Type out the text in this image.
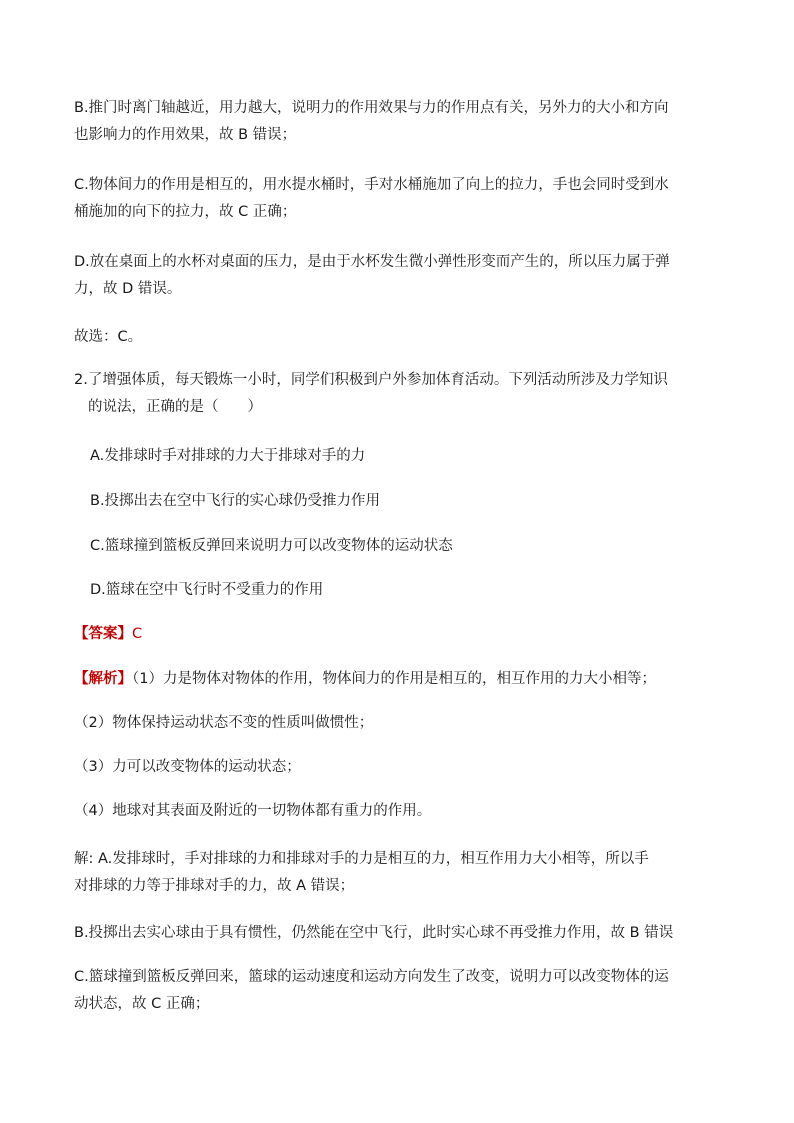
B.推门时离门轴越近，用力越大，说明力的作用效果与力的作用点有关，另外力的大小和方向
也影响力的作用效果，故 B 错误；

C.物体间力的作用是相互的，用水提水桶时，手对水桶施加了向上的拉力，手也会同时受到水
桶施加的向下的拉力，故 C 正确；

D.放在桌面上的水杯对桌面的压力，是由于水杯发生微小弹性形变而产生的，所以压力属于弹
力，故 D 错误。

故选：C。

2.了增强体质，每天锻炼一小时，同学们积极到户外参加体育活动。下列活动所涉及力学知识
的说法，正确的是（　　）

A.发排球时手对排球的力大于排球对手的力

B.投掷出去在空中飞行的实心球仍受推力作用

C.篮球撞到篮板反弹回来说明力可以改变物体的运动状态

D.篮球在空中飞行时不受重力的作用

【答案】C

【解析】（1）力是物体对物体的作用，物体间力的作用是相互的，相互作用的力大小相等；

（2）物体保持运动状态不变的性质叫做惯性；

（3）力可以改变物体的运动状态；

（4）地球对其表面及附近的一切物体都有重力的作用。

解: A.发排球时，手对排球的力和排球对手的力是相互的力，相互作用力大小相等，所以手
对排球的力等于排球对手的力，故 A 错误；

B.投掷出去实心球由于具有惯性，仍然能在空中飞行，此时实心球不再受推力作用，故 B 错误

C.篮球撞到篮板反弹回来，篮球的运动速度和运动方向发生了改变，说明力可以改变物体的运
动状态，故 C 正确；
